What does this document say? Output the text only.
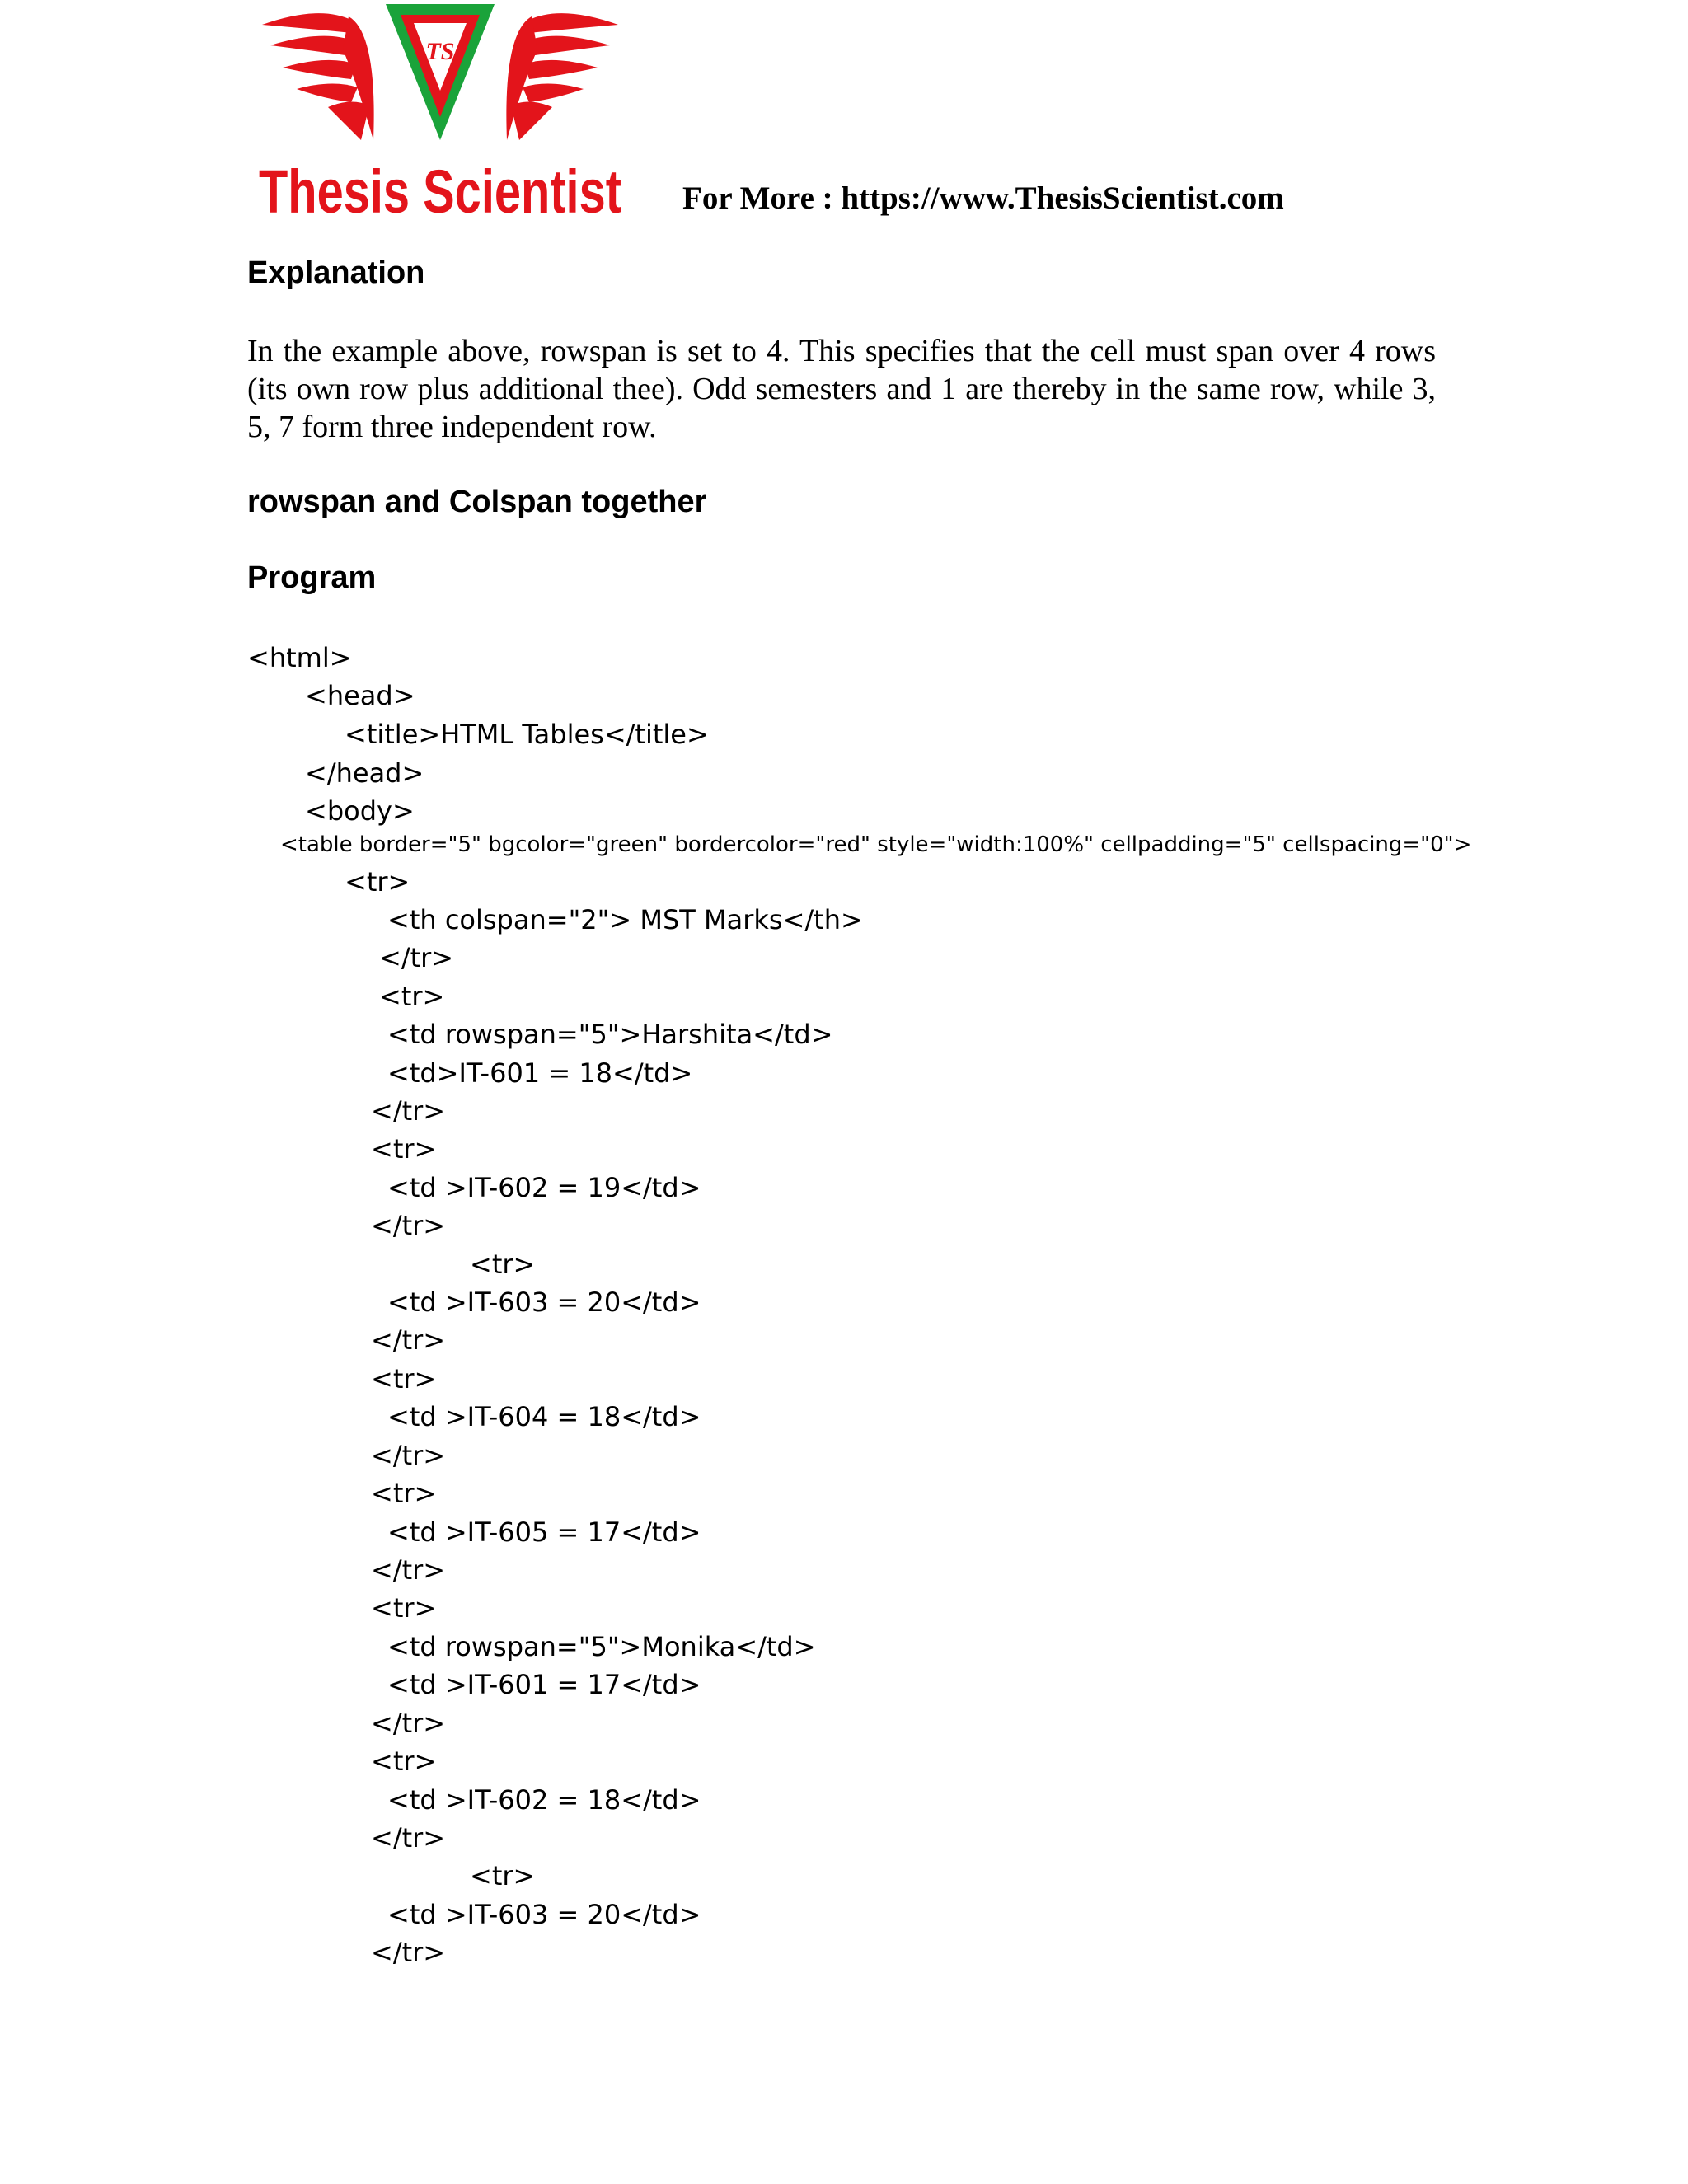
TS
Thesis Scientist For More : https://www.ThesisScientist.com
Explanation
In the example above, rowspan is set to 4. This specifies that the cell must span over 4 rows (its own row plus additional thee). Odd semesters and 1 are thereby in the same row, while 3, 5, 7 form three independent row.
rowspan and Colspan together
Program
<html>
<head>
<title>HTML Tables</title>
</head>
<body>
<table border="5" bgcolor="green" bordercolor="red" style="width:100%" cellpadding="5" cellspacing="0">
<tr>
<th colspan="2"> MST Marks</th>
</tr>
<tr>
<td rowspan="5">Harshita</td>
<td>IT-601 = 18</td>
</tr>
<tr>
<td >IT-602 = 19</td>
</tr>
<tr>
<td >IT-603 = 20</td>
</tr>
<tr>
<td >IT-604 = 18</td>
</tr>
<tr>
<td >IT-605 = 17</td>
</tr>
<tr>
<td rowspan="5">Monika</td>
<td >IT-601 = 17</td>
</tr>
<tr>
<td >IT-602 = 18</td>
</tr>
<tr>
<td >IT-603 = 20</td>
</tr>
